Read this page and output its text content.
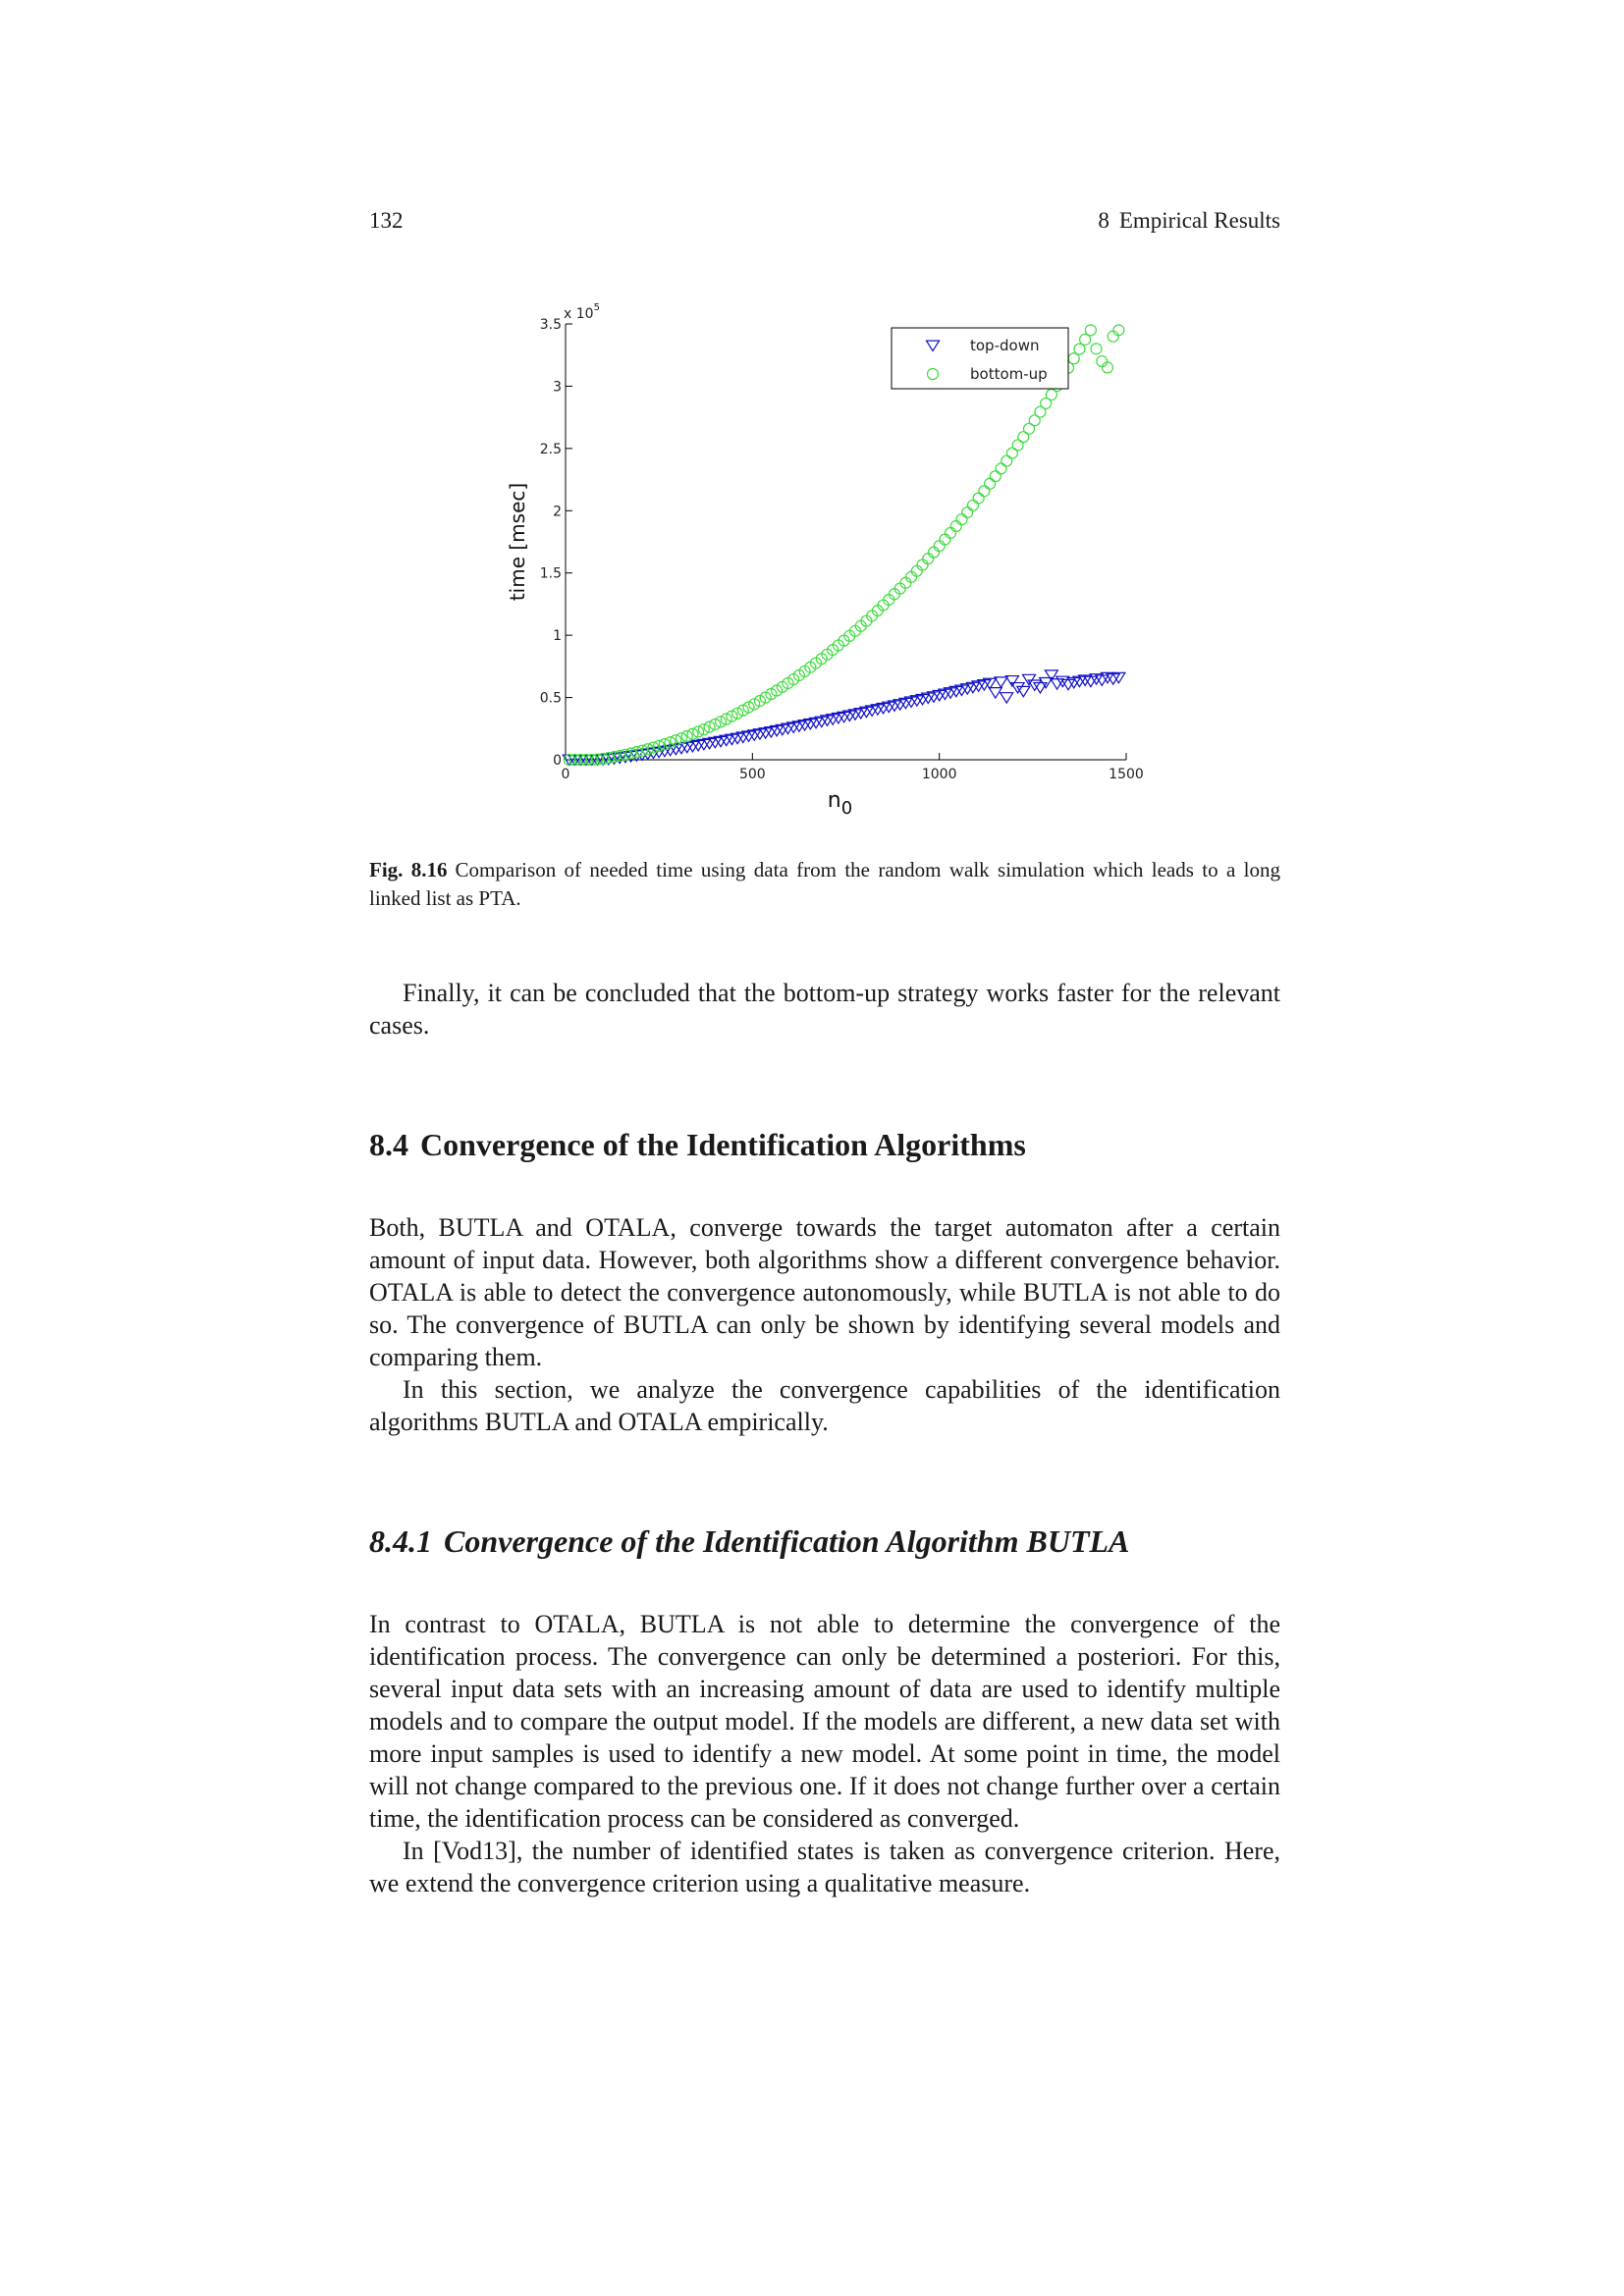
132	8 Empirical Results
0
0.5
1
1.5
2
2.5
3
3.5
0	500	1000	1500
x $10^5$
time [msec]
$n_0$
top-down
bottom-up
Fig. 8.16 Comparison of needed time using data from the random walk simulation which leads to a long linked list as PTA.

Finally, it can be concluded that the bottom-up strategy works faster for the relevant cases.

8.4 Convergence of the Identification Algorithms

Both, BUTLA and OTALA, converge towards the target automaton after a certain amount of input data. However, both algorithms show a different convergence behavior. OTALA is able to detect the convergence autonomously, while BUTLA is not able to do so. The convergence of BUTLA can only be shown by identifying several models and comparing them.

In this section, we analyze the convergence capabilities of the identification algorithms BUTLA and OTALA empirically.

8.4.1 Convergence of the Identification Algorithm BUTLA

In contrast to OTALA, BUTLA is not able to determine the convergence of the identification process. The convergence can only be determined a posteriori. For this, several input data sets with an increasing amount of data are used to identify multiple models and to compare the output model. If the models are different, a new data set with more input samples is used to identify a new model. At some point in time, the model will not change compared to the previous one. If it does not change further over a certain time, the identification process can be considered as converged.

In [Vod13], the number of identified states is taken as convergence criterion. Here, we extend the convergence criterion using a qualitative measure.
